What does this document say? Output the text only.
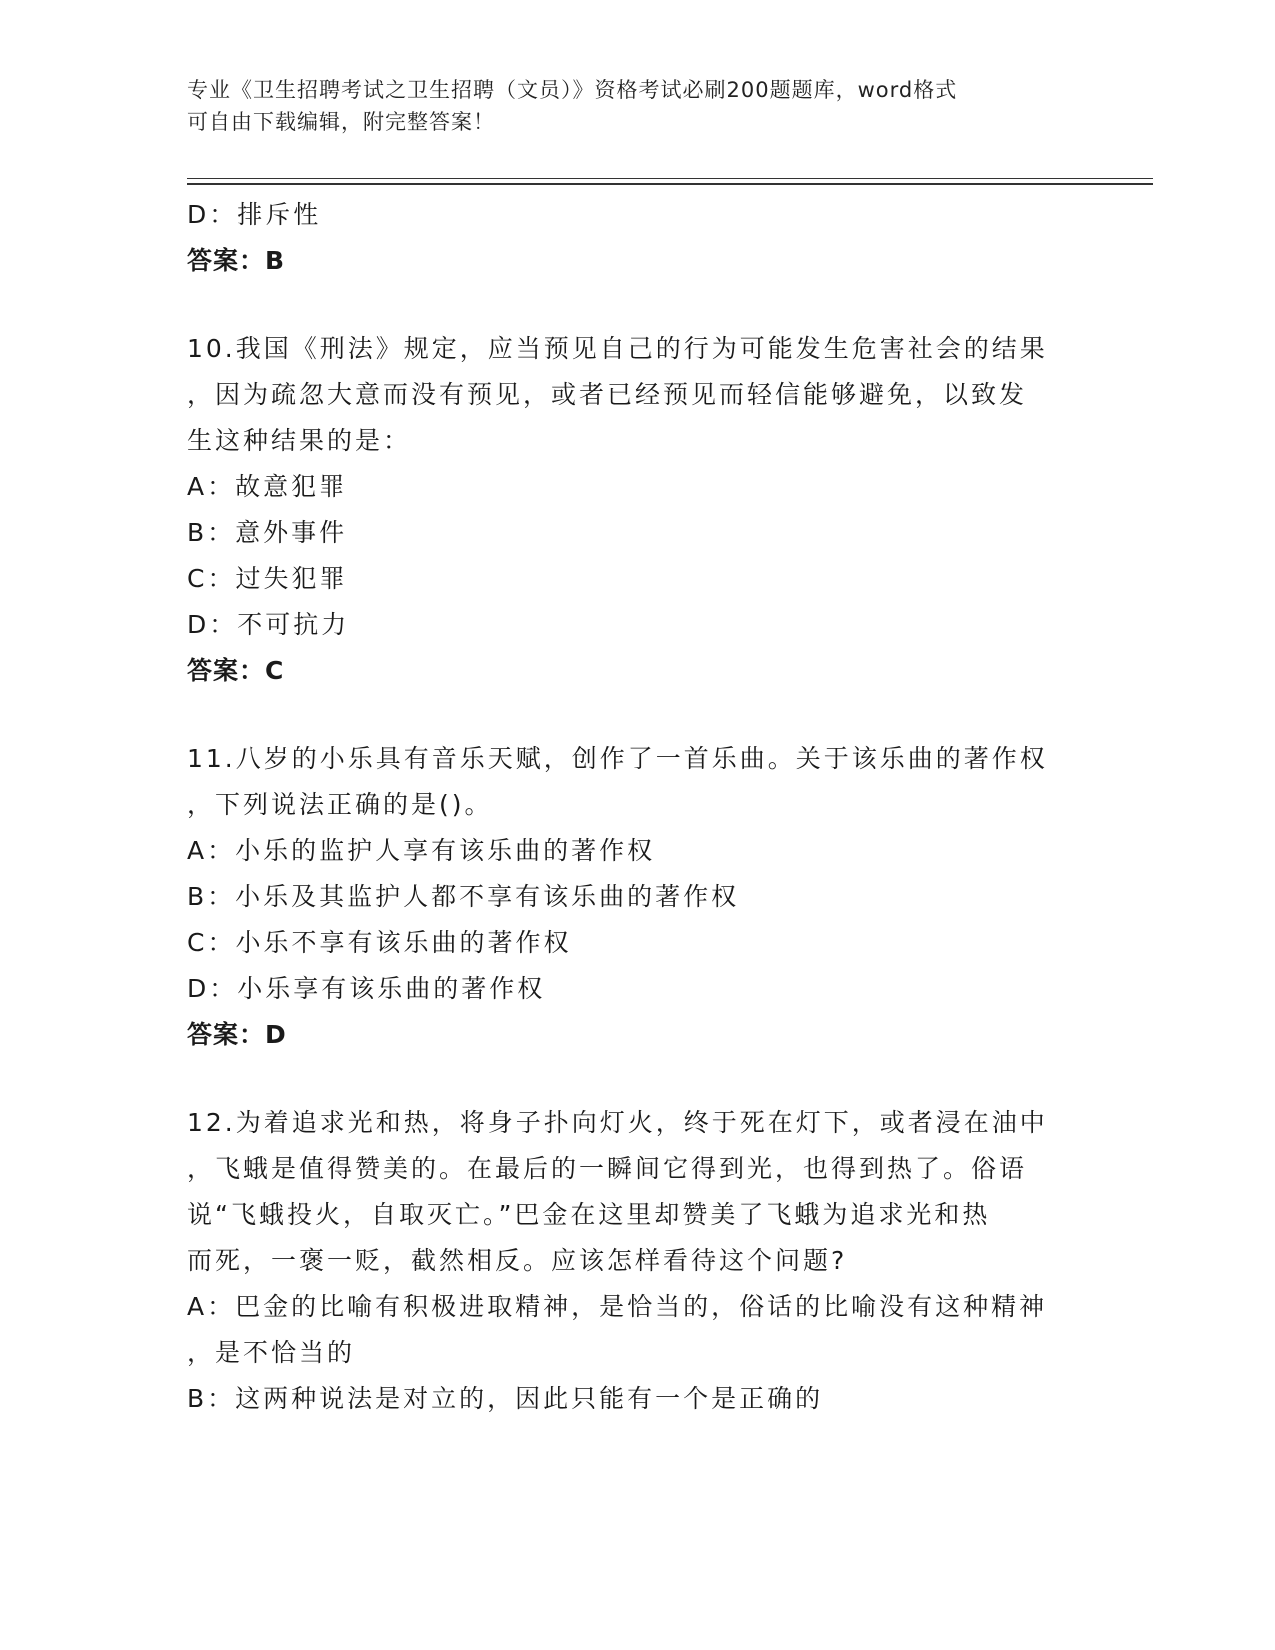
专业《卫生招聘考试之卫生招聘（文员）》资格考试必刷200题题库，word格式
可自由下载编辑，附完整答案！
D：排斥性
答案：B
10.我国《刑法》规定，应当预见自己的行为可能发生危害社会的结果
，因为疏忽大意而没有预见，或者已经预见而轻信能够避免，以致发
生这种结果的是：
A：故意犯罪
B：意外事件
C：过失犯罪
D：不可抗力
答案：C
11.八岁的小乐具有音乐天赋，创作了一首乐曲。关于该乐曲的著作权
，下列说法正确的是()。
A：小乐的监护人享有该乐曲的著作权
B：小乐及其监护人都不享有该乐曲的著作权
C：小乐不享有该乐曲的著作权
D：小乐享有该乐曲的著作权
答案：D
12.为着追求光和热，将身子扑向灯火，终于死在灯下，或者浸在油中
，飞蛾是值得赞美的。在最后的一瞬间它得到光，也得到热了。俗语
说“飞蛾投火，自取灭亡。”巴金在这里却赞美了飞蛾为追求光和热
而死，一褒一贬，截然相反。应该怎样看待这个问题?
A：巴金的比喻有积极进取精神，是恰当的，俗话的比喻没有这种精神
，是不恰当的
B：这两种说法是对立的，因此只能有一个是正确的
